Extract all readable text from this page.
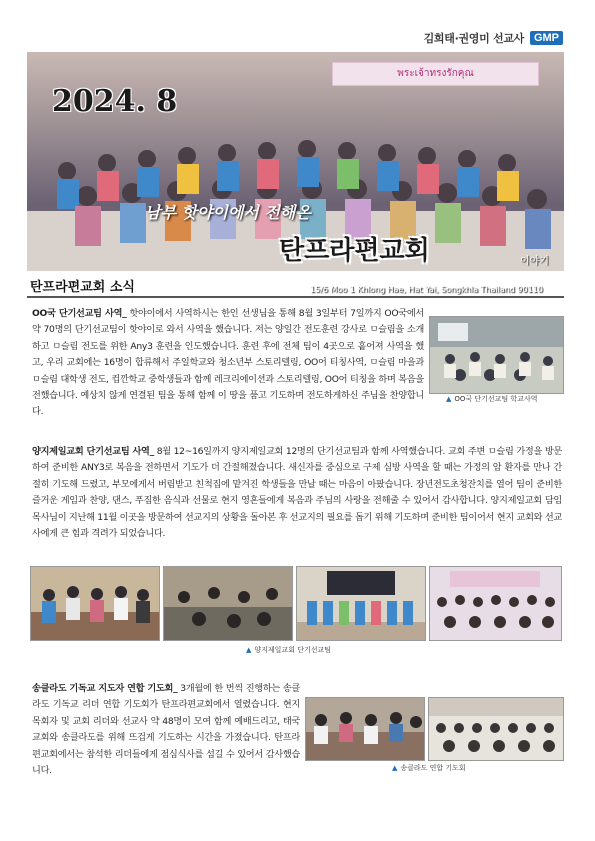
김희태·권영미 선교사 GMP
พระเจ้าทรงรักคุณ
2024. 8
남부 핫야이에서 전해온
탄프라편교회	이야기
15/6 Moo 1 Khlong Hae, Hat Yai, Songkhla Thailand 90110
탄프라편교회 소식
OO국 단기선교팀 사역_ 핫야이에서 사역하시는 한인 선생님을 통해 8월 3일부터 7일까지 OO국에서 약 70명의 단기선교팀이 핫야이로 와서 사역을 했습니다. 저는 양일간 전도훈련 강사로 ㅁ슬림을 소개하고 ㅁ슬림 전도를 위한 Any3 훈련을 인도했습니다. 훈련 후에 전체 팀이 4곳으로 흩어져 사역을 했고, 우리 교회에는 16명이 합류해서 주일학교와 청소년부 스토리텔링, OO어 티칭사역, ㅁ슬림 마을과 ㅁ슬림 대학생 전도, 컵깐학교 중학생들과 함께 레크리에이션과 스토리텔링, OO어 티칭을 하며 복음을 전했습니다. 예상치 않게 연결된 팀을 통해 함께 이 땅을 품고 기도하며 전도하게하신 주님을 찬양합니다.
▲ OO국 단기선교팀 학교사역
양지제일교회 단기선교팀 사역_ 8월 12~16일까지 양지제일교회 12명의 단기선교팀과 함께 사역했습니다. 교회 주변 ㅁ슬림 가정을 방문하여 준비한 ANY3로 복음을 전하면서 기도가 더 간절해졌습니다. 새신자를 중심으로 구제 심방 사역을 할 때는 가정의 암 환자를 만나 간절히 기도해 드렸고, 부모에게서 버림받고 친척집에 맡겨진 학생들을 만날 때는 마음이 아팠습니다. 장년전도초청잔치를 열어 팀이 준비한 즐거운 게임과 찬양, 댄스, 푸짐한 음식과 선물로 현지 영혼들에게 복음과 주님의 사랑을 전해줄 수 있어서 감사합니다. 양지제일교회 담임목사님이 지난해 11월 이곳을 방문하여 선교지의 상황을 돌아본 후 선교지의 필요를 돕기 위해 기도하며 준비한 팀이어서 현지 교회와 선교사에게 큰 힘과 격려가 되었습니다.
▲ 양지제일교회 단기선교팀
송클라도 기독교 지도자 연합 기도회_ 3개월에 한 번씩 진행하는 송클라도 기독교 리더 연합 기도회가 탄프라편교회에서 열렸습니다. 현지 목회자 및 교회 리더와 선교사 약 48명이 모여 함께 예배드리고, 태국교회와 송클라도를 위해 뜨겁게 기도하는 시간을 가졌습니다. 탄프라편교회에서는 참석한 리더들에게 점심식사를 섬길 수 있어서 감사했습니다.	▲ 송클라도 연합 기도회
